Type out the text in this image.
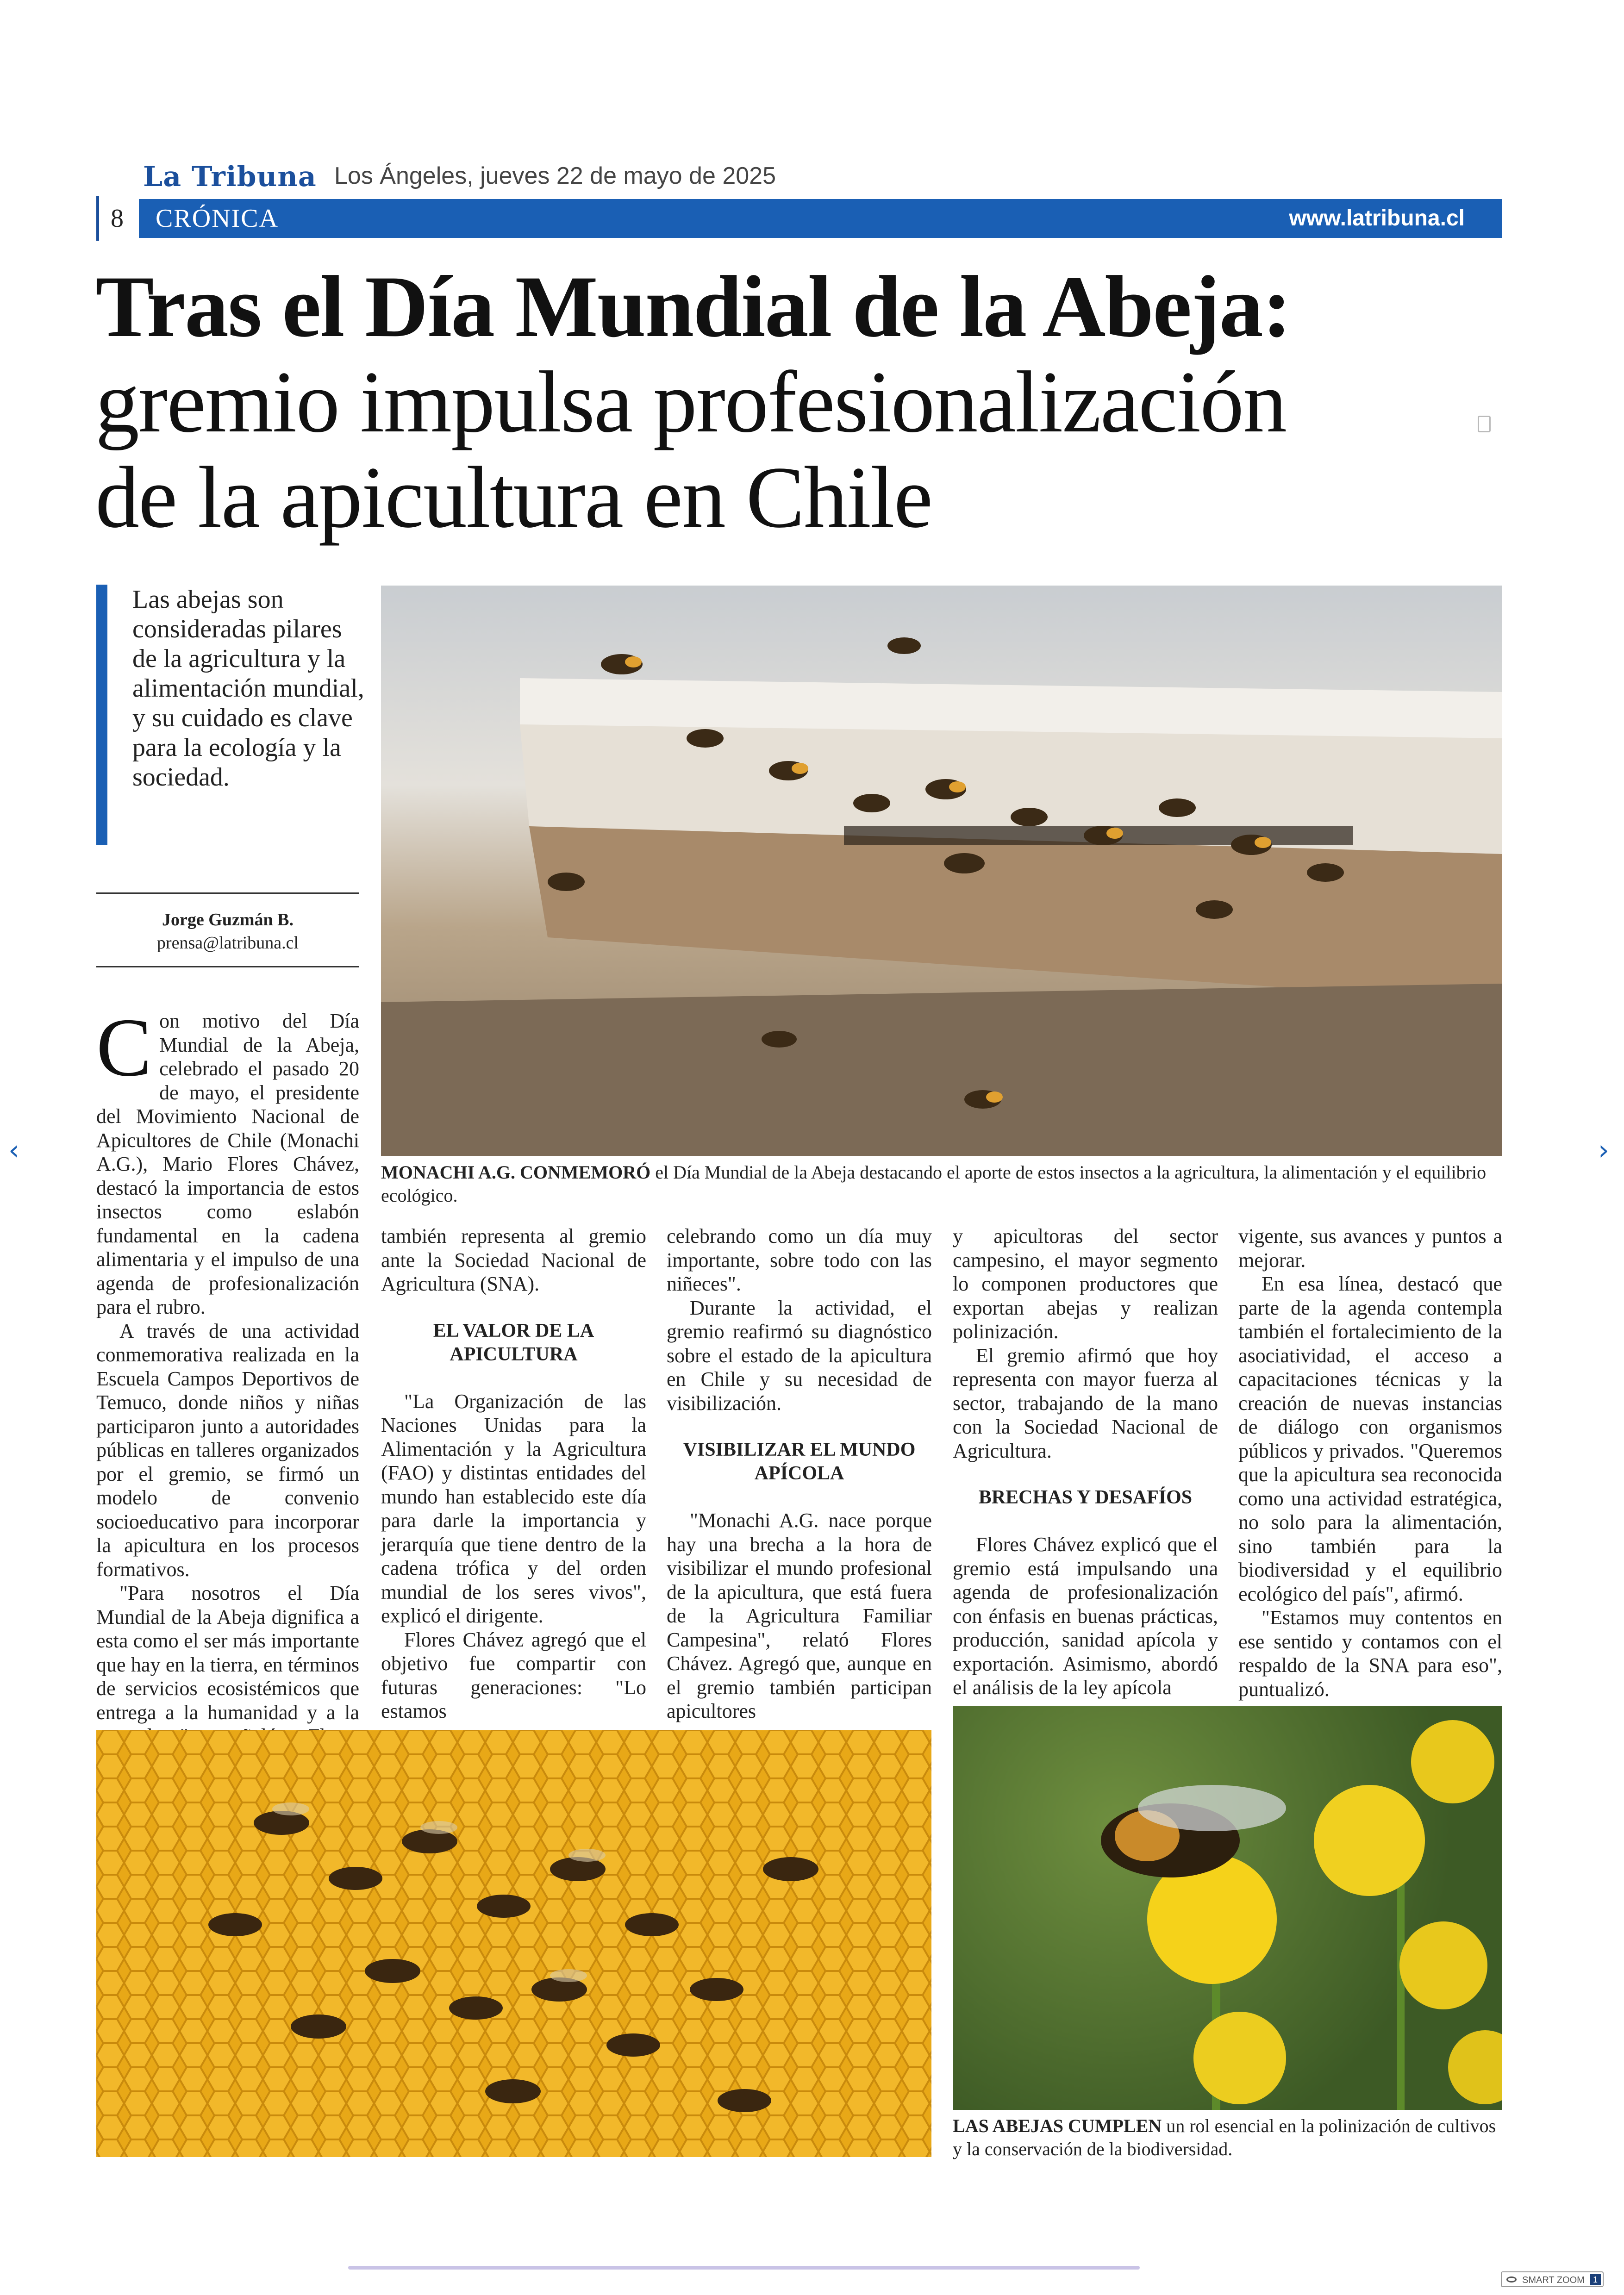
La Tribuna Los Ángeles, jueves 22 de mayo de 2025
8	CRÓNICA	www.latribuna.cl
Tras el Día Mundial de la Abeja:
gremio impulsa profesionalización
de la apicultura en Chile
Las abejas son consideradas pilares de la agricultura y la alimentación mundial, y su cuidado es clave para la ecología y la sociedad.
Jorge Guzmán B.
prensa@latribuna.cl
MONACHI A.G. CONMEMORÓ el Día Mundial de la Abeja destacando el aporte de estos insectos a la agricultura, la alimentación y el equilibrio ecológico.

Con motivo del Día Mundial de la Abeja, celebrado el pasado 20 de mayo, el presidente del Movimiento Nacional de Apicultores de Chile (Monachi A.G.), Mario Flores Chávez, destacó la importancia de estos insectos como eslabón fundamental en la cadena alimentaria y el impulso de una agenda de profesionalización para el rubro.

A través de una actividad conmemorativa realizada en la Escuela Campos Deportivos de Temuco, donde niños y niñas participaron junto a autoridades públicas en talleres organizados por el gremio, se firmó un modelo de convenio socioeducativo para incorporar la apicultura en los procesos formativos.

"Para nosotros el Día Mundial de la Abeja dignifica a esta como el ser más importante que hay en la tierra, en términos de servicios ecosistémicos que entrega a la humanidad y a la

también representa al gremio ante la Sociedad Nacional de Agricultura (SNA).

EL VALOR DE LA APICULTURA

"La Organización de las Naciones Unidas para la Alimentación y la Agricultura (FAO) y distintas entidades del mundo han establecido este día para darle la importancia y jerarquía que tiene dentro de la cadena trófica y del orden mundial de los seres vivos", explicó el dirigente.

Flores Chávez agregó que el objetivo fue compartir con futuras generaciones: "Lo estamos

celebrando como un día muy importante, sobre todo con las niñeces".

Durante la actividad, el gremio reafirmó su diagnóstico sobre el estado de la apicultura en Chile y su necesidad de visibilización.

VISIBILIZAR EL MUNDO APÍCOLA

"Monachi A.G. nace porque hay una brecha a la hora de visibilizar el mundo profesional de la apicultura, que está fuera de la Agricultura Familiar Campesina", relató Flores Chávez. Agregó que, aunque en el gremio también participan apicultores

y apicultoras del sector campesino, el mayor segmento lo componen productores que exportan abejas y realizan polinización.

El gremio afirmó que hoy representa con mayor fuerza al sector, trabajando de la mano con la Sociedad Nacional de Agricultura.

BRECHAS Y DESAFÍOS

Flores Chávez explicó que el gremio está impulsando una agenda de profesionalización con énfasis en buenas prácticas, producción, sanidad apícola y exportación. Asimismo, abordó el análisis de la ley apícola

vigente, sus avances y puntos a mejorar.

En esa línea, destacó que parte de la agenda contempla también el fortalecimiento de la asociatividad, el acceso a capacitaciones técnicas y la creación de nuevas instancias de diálogo con organismos públicos y privados. "Queremos que la apicultura sea reconocida como una actividad estratégica, no solo para la alimentación, sino también para la biodiversidad y el equilibrio ecológico del país", afirmó.

"Estamos muy contentos en ese sentido y contamos con el respaldo de la SNA para eso", puntualizó.

LAS ABEJAS CUMPLEN un rol esencial en la polinización de cultivos y la conservación de la biodiversidad.
‹	›
SMART ZOOM	1
